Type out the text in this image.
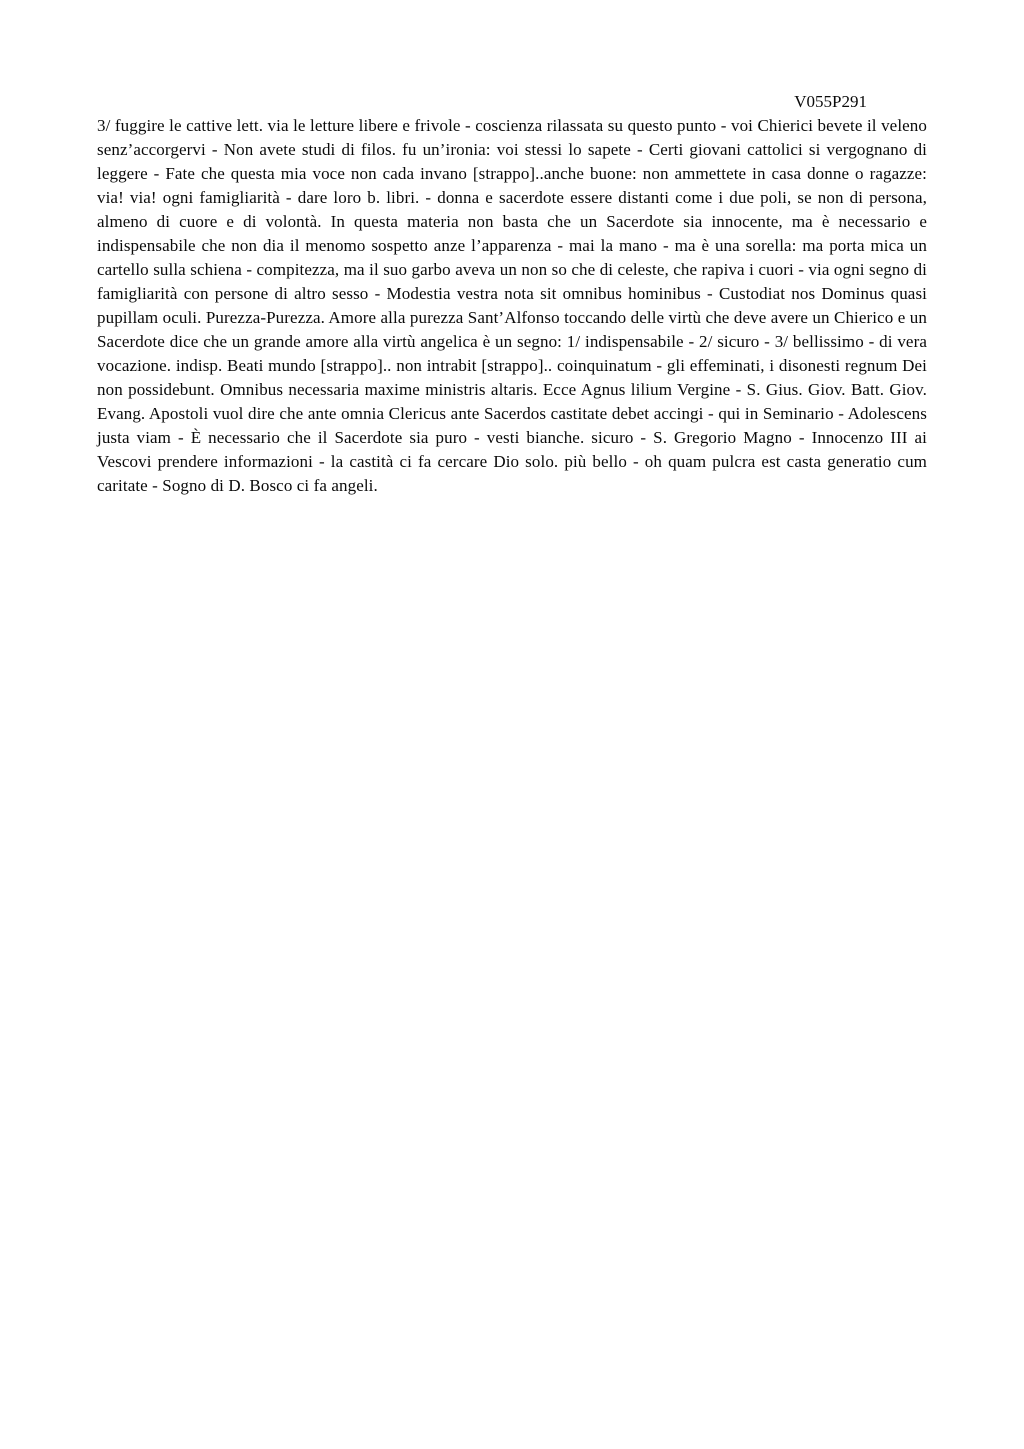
V055P291

3/ fuggire le cattive lett. via le letture libere e frivole - coscienza rilassata su questo punto - voi Chierici bevete il veleno senz’accorgervi - Non avete studi di filos. fu un’ironia: voi stessi lo sapete - Certi giovani cattolici si vergognano di leggere - Fate che questa mia voce non cada invano [strappo]..anche buone: non ammettete in casa donne o ragazze: via! via! ogni famigliarità - dare loro b. libri. - donna e sacerdote essere distanti come i due poli, se non di persona, almeno di cuore e di volontà. In questa materia non basta che un Sacerdote sia innocente, ma è necessario e indispensabile che non dia il menomo sospetto anze l’apparenza - mai la mano - ma è una sorella: ma porta mica un cartello sulla schiena - compitezza, ma il suo garbo aveva un non so che di celeste, che rapiva i cuori - via ogni segno di famigliarità con persone di altro sesso - Modestia vestra nota sit omnibus hominibus - Custodiat nos Dominus quasi pupillam oculi. Purezza-Purezza. Amore alla purezza Sant’Alfonso toccando delle virtù che deve avere un Chierico e un Sacerdote dice che un grande amore alla virtù angelica è un segno: 1/ indispensabile - 2/ sicuro - 3/ bellissimo - di vera vocazione. indisp. Beati mundo [strappo].. non intrabit [strappo].. coinquinatum - gli effeminati, i disonesti regnum Dei non possidebunt. Omnibus necessaria maxime ministris altaris. Ecce Agnus lilium Vergine - S. Gius. Giov. Batt. Giov. Evang. Apostoli vuol dire che ante omnia Clericus ante Sacerdos castitate debet accingi - qui in Seminario - Adolescens justa viam - È necessario che il Sacerdote sia puro - vesti bianche. sicuro - S. Gregorio Magno - Innocenzo III ai Vescovi prendere informazioni - la castità ci fa cercare Dio solo. più bello - oh quam pulcra est casta generatio cum caritate - Sogno di D. Bosco ci fa angeli.
